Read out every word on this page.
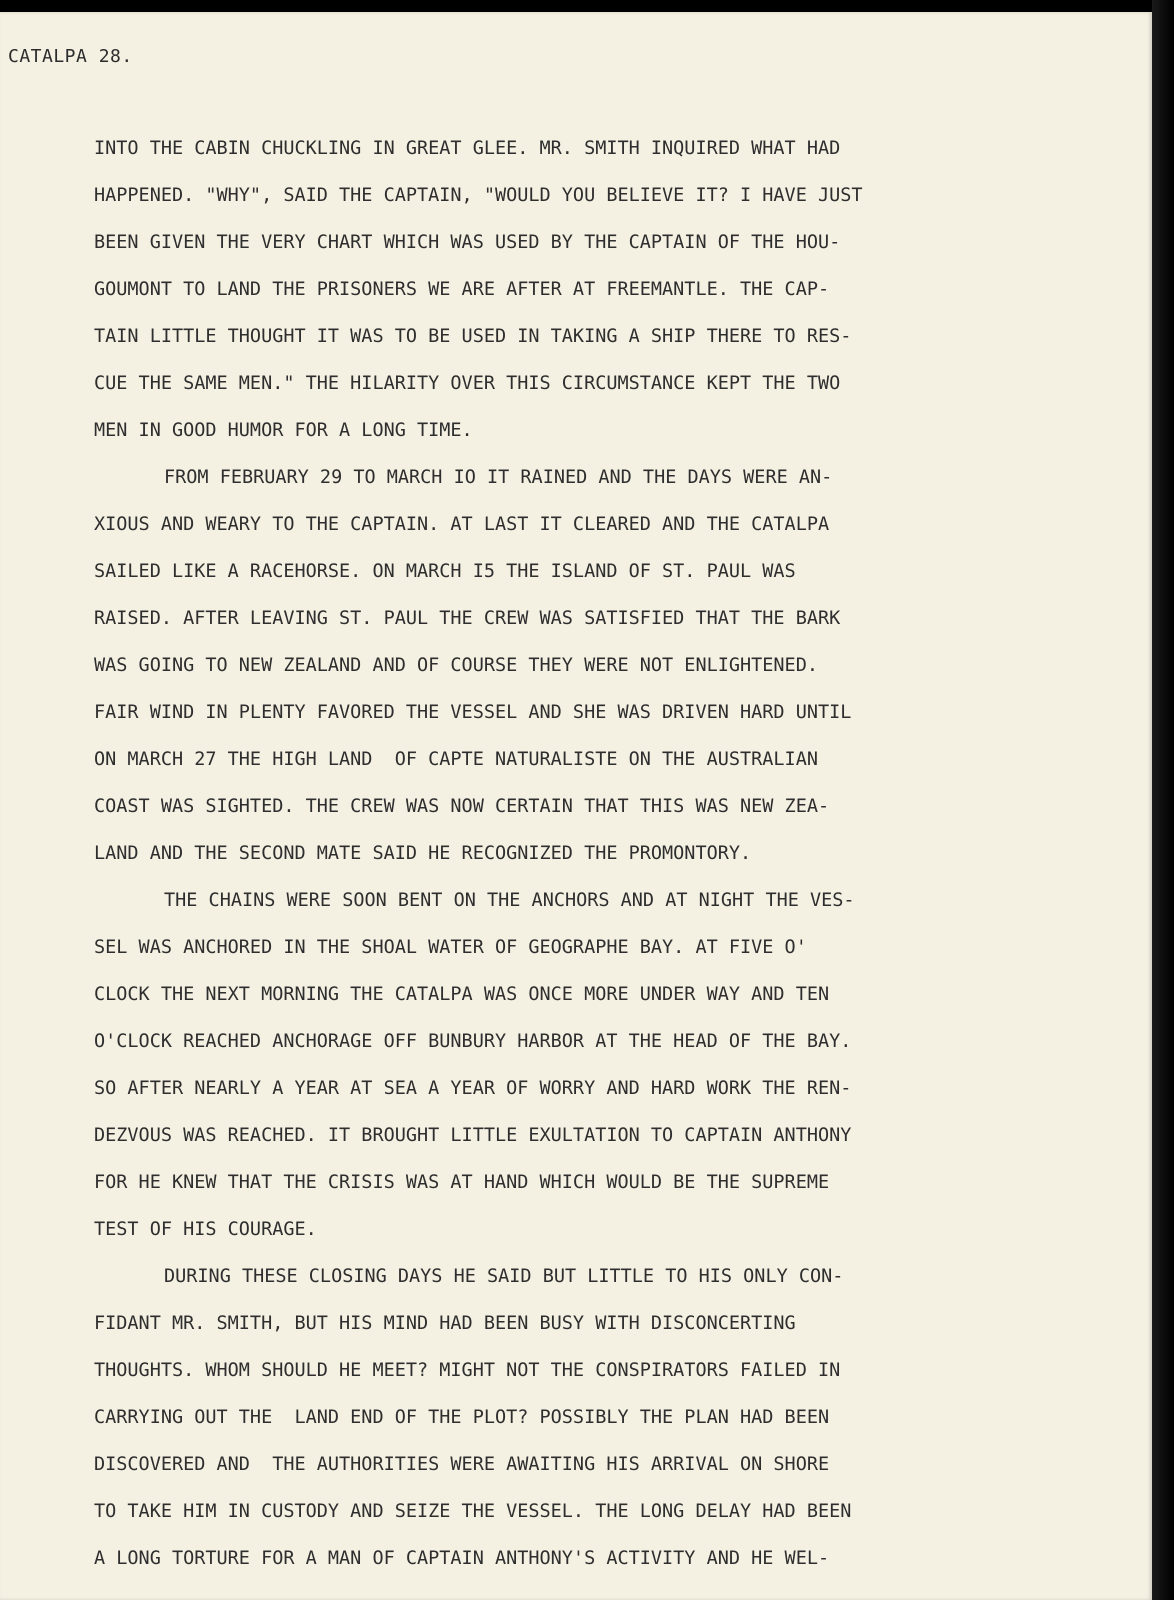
CATALPA 28.
INTO THE CABIN CHUCKLING IN GREAT GLEE. MR. SMITH INQUIRED WHAT HAD
HAPPENED. "WHY", SAID THE CAPTAIN, "WOULD YOU BELIEVE IT? I HAVE JUST
BEEN GIVEN THE VERY CHART WHICH WAS USED BY THE CAPTAIN OF THE HOU-
GOUMONT TO LAND THE PRISONERS WE ARE AFTER AT FREEMANTLE. THE CAP-
TAIN LITTLE THOUGHT IT WAS TO BE USED IN TAKING A SHIP THERE TO RES-
CUE THE SAME MEN." THE HILARITY OVER THIS CIRCUMSTANCE KEPT THE TWO
MEN IN GOOD HUMOR FOR A LONG TIME.
FROM FEBRUARY 29 TO MARCH IO IT RAINED AND THE DAYS WERE AN-
XIOUS AND WEARY TO THE CAPTAIN. AT LAST IT CLEARED AND THE CATALPA
SAILED LIKE A RACEHORSE. ON MARCH I5 THE ISLAND OF ST. PAUL WAS
RAISED. AFTER LEAVING ST. PAUL THE CREW WAS SATISFIED THAT THE BARK
WAS GOING TO NEW ZEALAND AND OF COURSE THEY WERE NOT ENLIGHTENED.
FAIR WIND IN PLENTY FAVORED THE VESSEL AND SHE WAS DRIVEN HARD UNTIL
ON MARCH 27 THE HIGH LAND  OF CAPTE NATURALISTE ON THE AUSTRALIAN
COAST WAS SIGHTED. THE CREW WAS NOW CERTAIN THAT THIS WAS NEW ZEA-
LAND AND THE SECOND MATE SAID HE RECOGNIZED THE PROMONTORY.
THE CHAINS WERE SOON BENT ON THE ANCHORS AND AT NIGHT THE VES-
SEL WAS ANCHORED IN THE SHOAL WATER OF GEOGRAPHE BAY. AT FIVE O'
CLOCK THE NEXT MORNING THE CATALPA WAS ONCE MORE UNDER WAY AND TEN
O'CLOCK REACHED ANCHORAGE OFF BUNBURY HARBOR AT THE HEAD OF THE BAY.
SO AFTER NEARLY A YEAR AT SEA A YEAR OF WORRY AND HARD WORK THE REN-
DEZVOUS WAS REACHED. IT BROUGHT LITTLE EXULTATION TO CAPTAIN ANTHONY
FOR HE KNEW THAT THE CRISIS WAS AT HAND WHICH WOULD BE THE SUPREME
TEST OF HIS COURAGE.
DURING THESE CLOSING DAYS HE SAID BUT LITTLE TO HIS ONLY CON-
FIDANT MR. SMITH, BUT HIS MIND HAD BEEN BUSY WITH DISCONCERTING
THOUGHTS. WHOM SHOULD HE MEET? MIGHT NOT THE CONSPIRATORS FAILED IN
CARRYING OUT THE  LAND END OF THE PLOT? POSSIBLY THE PLAN HAD BEEN
DISCOVERED AND  THE AUTHORITIES WERE AWAITING HIS ARRIVAL ON SHORE
TO TAKE HIM IN CUSTODY AND SEIZE THE VESSEL. THE LONG DELAY HAD BEEN
A LONG TORTURE FOR A MAN OF CAPTAIN ANTHONY'S ACTIVITY AND HE WEL-
